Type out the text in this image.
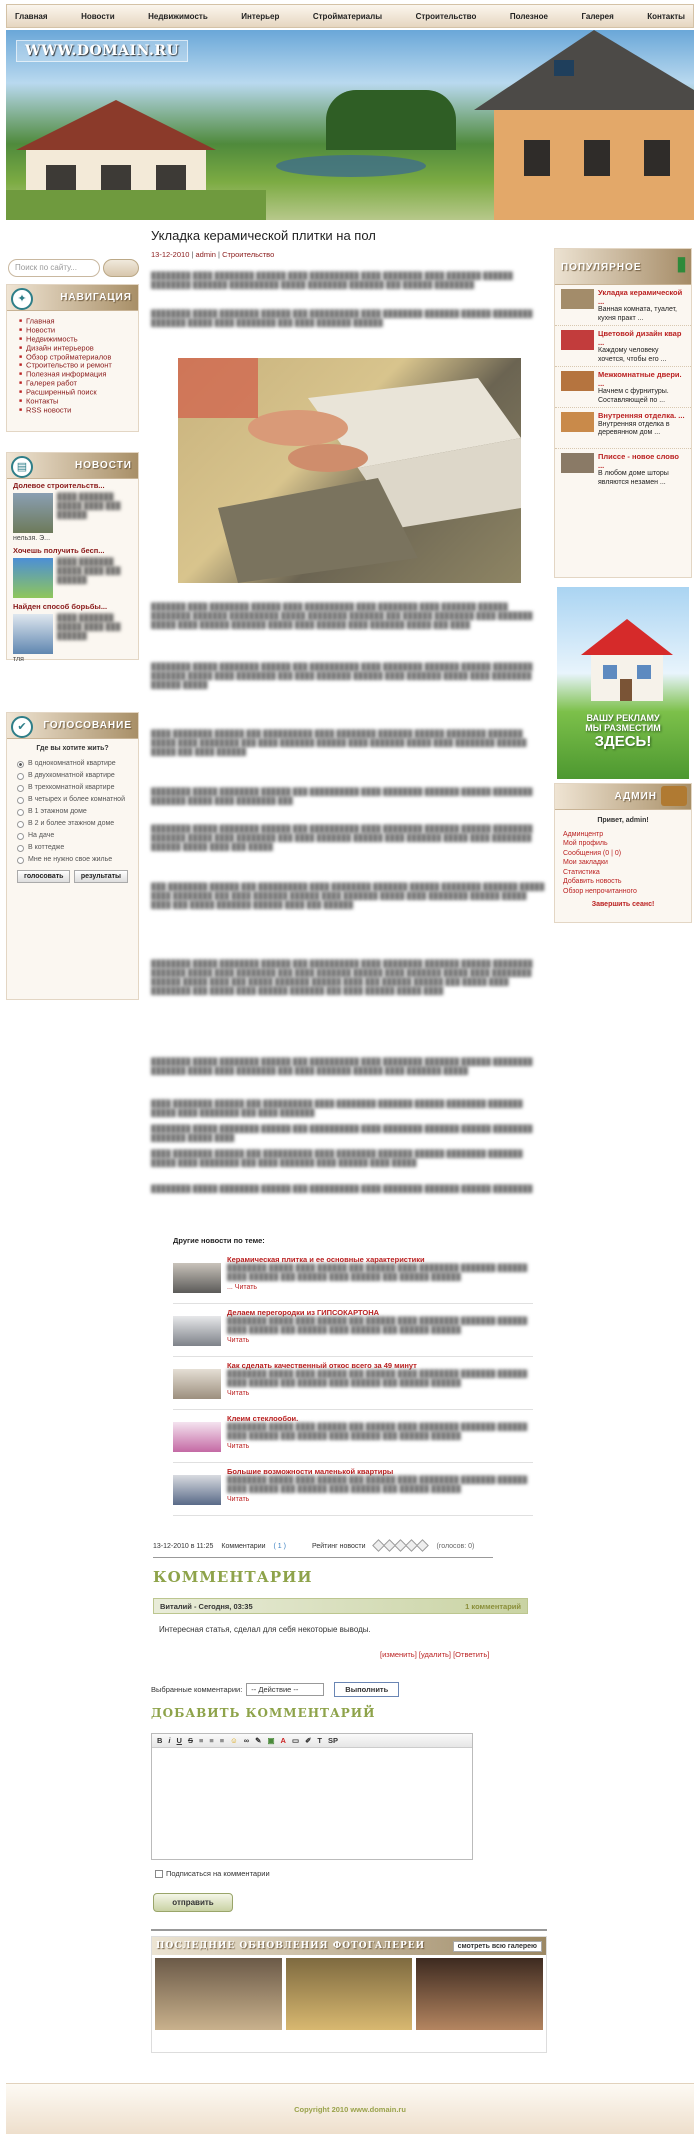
Главная	Новости	Недвижимость	Интерьер	Стройматериалы	Строительство	Полезное	Галерея	Контакты
WWW.DOMAIN.RU
Поиск по сайту...
✦	НАВИГАЦИЯ
■ Главная
■ Новости
■ Недвижимость
■ Дизайн интерьеров
■ Обзор стройматериалов
■ Строительство и ремонт
■ Полезная информация
■ Галерея работ
■ Расширенный поиск
■ Контакты
■ RSS новости
▤	НОВОСТИ
Долевое строительств...
████ ███████ █████ ████ ███ ██████
нельзя. Э...
Хочешь получить бесп...
████ ███████ █████ ████ ███ ██████
Найден способ борьбы...
████ ███████ █████ ████ ███ ██████
тля
✔	ГОЛОСОВАНИЕ
Где вы хотите жить?
В однокомнатной квартире
В двухкомнатной квартире
В трехкомнатной квартире
В четырех и более комнатной
В 1 этажном доме
В 2 и более этажном доме
На даче
В коттедже
Мне не нужно свое жилье
голосовать	результаты
Укладка керамической плитки на пол
13-12-2010 | admin | Строительство
████████ ████ ████████ ██████ ████ ██████████ ████ ████████ ████ ███████ ██████ ████████ ███████ ██████████ █████ ████████ ███████ ███ ██████ ████████
████████ █████ ████████ ██████ ███ ██████████ ████ ████████ ███████ ██████ ████████ ███████ █████ ████ ████████ ███ ████ ███████ ██████
███████ ████ ████████ ██████ ████ ██████████ ████ ████████ ████ ███████ ██████ ████████ ███████ ██████████ █████ ████████ ███████ ███ ██████ ████████ ████ ███████ █████ ████ ██████ ███████ █████ ████ ██████ ████ ███████ █████ ███ ████
████████ █████ ████████ ██████ ███ ██████████ ████ ████████ ███████ ██████ ████████ ███████ █████ ████ ████████ ███ ████ ███████ ██████ ████ ███████ █████ ████ ████████ ██████ █████
████ ████████ ██████ ███ ██████████ ████ ████████ ███████ ██████ ████████ ███████ █████ ████ ████████ ███ ████ ███████ ██████ ████ ███████ █████ ████ ████████ ██████ █████ ███ ████ ██████
████████ █████ ████████ ██████ ███ ██████████ ████ ████████ ███████ ██████ ████████ ███████ █████ ████ ████████ ███
████████ █████ ████████ ██████ ███ ██████████ ████ ████████ ███████ ██████ ████████ ███████ █████ ████ ████████ ███ ████ ███████ ██████ ████ ███████ █████ ████ ████████ ██████ █████ ████ ███ █████
███ ████████ ██████ ███ ██████████ ████ ████████ ███████ ██████ ████████ ███████ █████ ████ ████████ ███ ████ ███████ ██████ ████ ███████ █████ ████ ████████ ██████ █████ ████ ███ █████ ███████ ██████ ████ ███ ██████
████████ █████ ████████ ██████ ███ ██████████ ████ ████████ ███████ ██████ ████████ ███████ █████ ████ ████████ ███ ████ ███████ ██████ ████ ███████ █████ ████ ████████ ██████ █████ ████ ███ █████ ███████ ██████ ████ ███ ██████ ██████ ███ █████ ████ ████████ ███ █████ ████ ██████ ███████ ███ ████ ██████ █████ ████
████████ █████ ████████ ██████ ███ ██████████ ████ ████████ ███████ ██████ ████████ ███████ █████ ████ ████████ ███ ████ ███████ ██████ ████ ███████ █████
████ ████████ ██████ ███ ██████████ ████ ████████ ███████ ██████ ████████ ███████ █████ ████ ████████ ███ ████ ███████
████████ █████ ████████ ██████ ███ ██████████ ████ ████████ ███████ ██████ ████████ ███████ █████ ████
████ ████████ ██████ ███ ██████████ ████ ████████ ███████ ██████ ████████ ███████ █████ ████ ████████ ███ ████ ███████ ████ ██████ ████ █████
████████ █████ ████████ ██████ ███ ██████████ ████ ████████ ███████ ██████ ████████
Другие новости по теме:
Керамическая плитка и ее основные характеристики
████████ █████ ████ ██████ ███ ██████ ████ ████████ ███████ ██████ ████ ██████ ███ ██████ ████ ██████ ███ ██████ ██████
... Читать
Делаем перегородки из ГИПСОКАРТОНА
████████ █████ ████ ██████ ███ ██████ ████ ████████ ███████ ██████ ████ ██████ ███ ██████ ████ ██████ ███ ██████ ██████
Читать
Как сделать качественный откос всего за 49 минут
████████ █████ ████ ██████ ███ ██████ ████ ████████ ███████ ██████ ████ ██████ ███ ██████ ████ ██████ ███ ██████ ██████
Читать
Клеим стеклообои.
████████ █████ ████ ██████ ███ ██████ ████ ████████ ███████ ██████ ████ ██████ ███ ██████ ████ ██████ ███ ██████ ██████
Читать
Большие возможности маленькой квартиры
████████ █████ ████ ██████ ███ ██████ ████ ████████ ███████ ██████ ████ ██████ ███ ██████ ████ ██████ ███ ██████ ██████
Читать
13-12-2010 в 11:25 Комментарии ( 1 )	Рейтинг новости	(голосов: 0)
КОММЕНТАРИИ
Виталий - Сегодня, 03:35	1 комментарий
Интересная статья, сделал для себя некоторые выводы.
[изменить] [удалить] [Ответить]
Выбранные комментарии:	-- Действие --	Выполнить
ДОБАВИТЬ КОММЕНТАРИЙ
B i U S ≡ ≡ ≡ ☺ ∞ ✎ ▣ A ▭ ✐ T SP
Подписаться на комментарии
отправить
ПОСЛЕДНИЕ ОБНОВЛЕНИЯ ФОТОГАЛЕРЕИ	смотреть всю галерею
ПОПУЛЯРНОЕ ▮
Укладка керамической ...
Ванная комната, туалет, кухня практ ...
Цветовой дизайн квар ...
Каждому человеку хочется, чтобы его ...
Межкомнатные двери. ...
Начнем с фурнитуры. Составляющей по ...
Внутренняя отделка. ...
Внутренняя отделка в деревянном дом ...
Плиссе - новое слово ...
В любом доме шторы являются незамен ...
ВАШУ РЕКЛАМУ
МЫ РАЗМЕСТИМ
ЗДЕСЬ!
АДМИН
Привет, admin!
Админцентр
Мой профиль
Сообщения (0 | 0)
Мои закладки
Статистика
Добавить новость
Обзор непрочитанного
Завершить сеанс!
Copyright 2010 www.domain.ru
